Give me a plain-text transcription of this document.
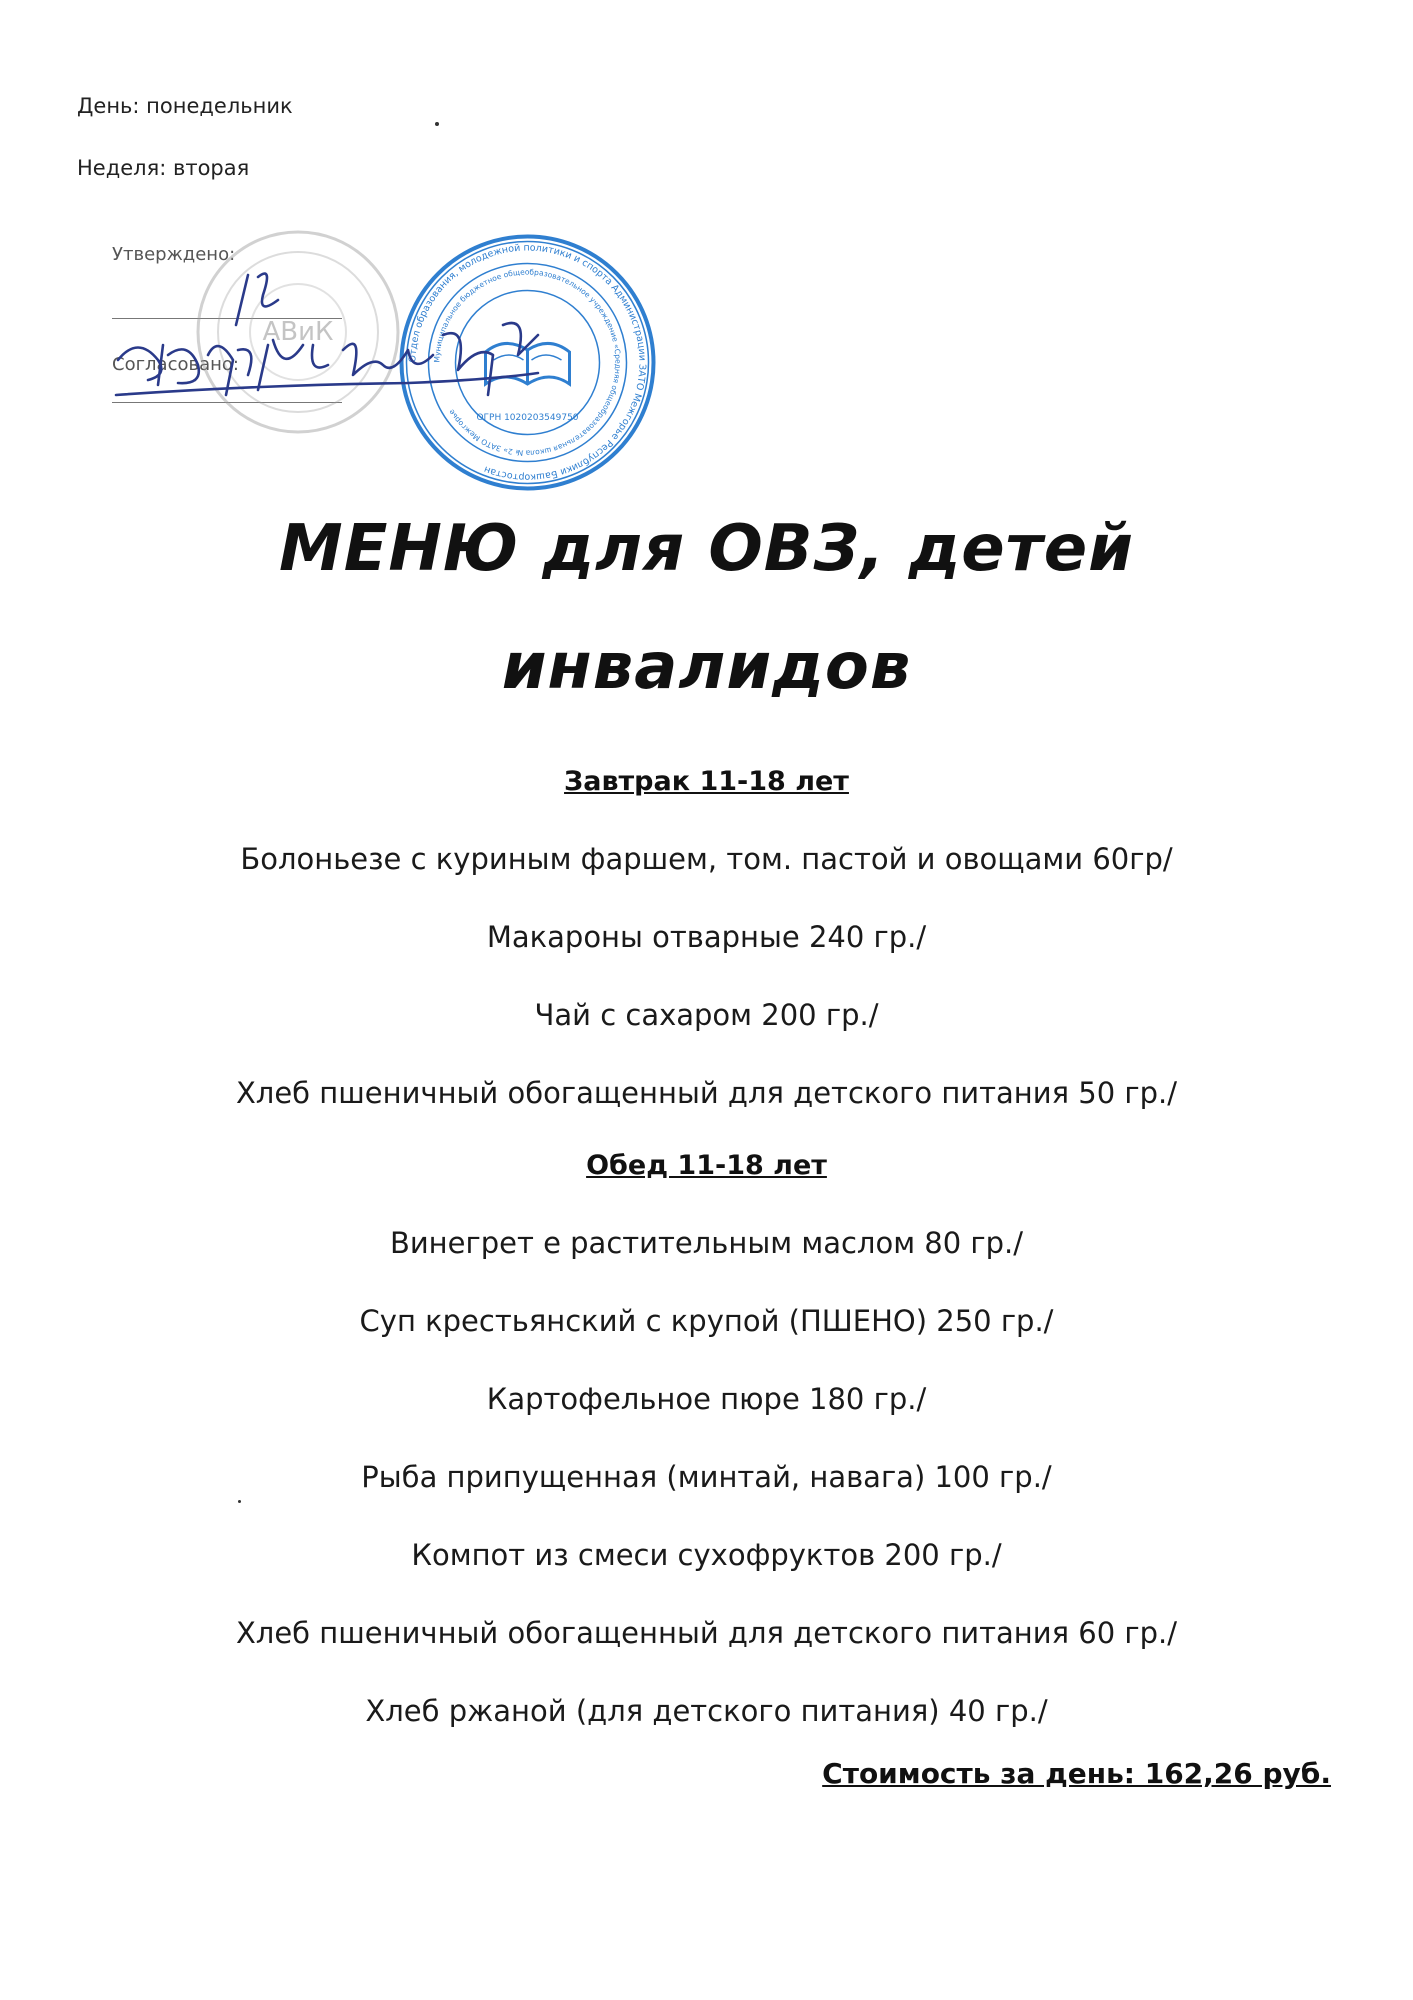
День: понедельник
Неделя: вторая
Утверждено:
Согласовано:
АВиК
Отдел образования, молодежной политики и спорта Администрации ЗАТО Межгорье Республики Башкортостан
Муниципальное бюджетное общеобразовательное учреждение «Средняя общеобразовательная школа № 2» ЗАТО Межгорье
ОГРН 1020203549750
МЕНЮ для ОВЗ, детей
инвалидов
Завтрак 11-18 лет
Болоньезе с куриным фаршем, том. пастой и овощами 60гр/
Макароны отварные 240 гр./
Чай с сахаром 200 гр./
Хлеб пшеничный обогащенный для детского питания 50 гр./
Обед 11-18 лет
Винегрет е растительным маслом 80 гр./
Суп крестьянский с крупой (ПШЕНО) 250 гр./
Картофельное пюре 180 гр./
Рыба припущенная (минтай, навага) 100 гр./
Компот из смеси сухофруктов 200 гр./
Хлеб пшеничный обогащенный для детского питания 60 гр./
Хлеб ржаной (для детского питания) 40 гр./
Стоимость за день: 162,26 руб.
